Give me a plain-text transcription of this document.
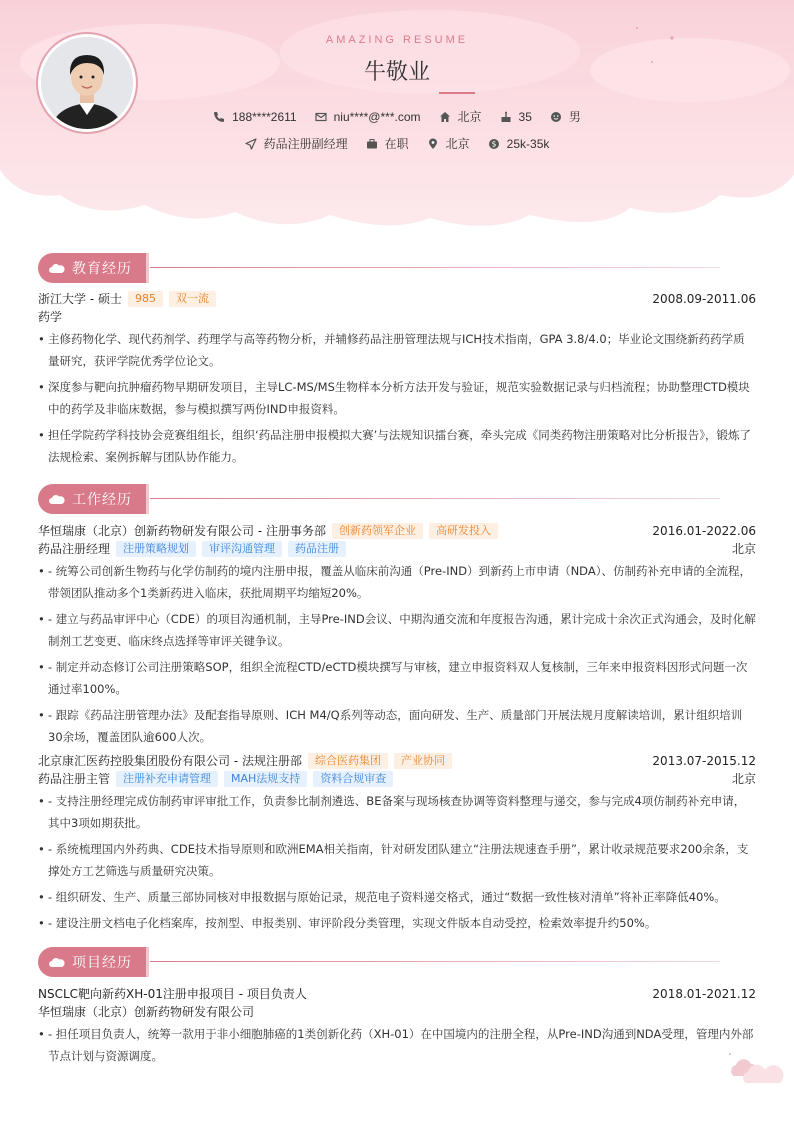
AMAZING RESUME
牛敬业
188****2611	niu****@***.com	北京	35	男
药品注册副经理	在职	北京	$ 25k-35k
教育经历
浙江大学 - 硕士	985	双一流	2008.09-2011.06
药学
• 主修药物化学、现代药剂学、药理学与高等药物分析，并辅修药品注册管理法规与ICH技术指南，GPA 3.8/4.0；毕业论文围绕新药药学质量研究，获评学院优秀学位论文。
• 深度参与靶向抗肿瘤药物早期研发项目，主导LC-MS/MS生物样本分析方法开发与验证，规范实验数据记录与归档流程；协助整理CTD模块中的药学及非临床数据，参与模拟撰写两份IND申报资料。
• 担任学院药学科技协会竞赛组组长，组织‘药品注册申报模拟大赛’与法规知识擂台赛，牵头完成《同类药物注册策略对比分析报告》，锻炼了法规检索、案例拆解与团队协作能力。
工作经历
华恒瑞康（北京）创新药物研发有限公司 - 注册事务部	创新药领军企业	高研发投入	2016.01-2022.06
药品注册经理	注册策略规划	审评沟通管理	药品注册	北京
• - 统筹公司创新生物药与化学仿制药的境内注册申报，覆盖从临床前沟通（Pre-IND）到新药上市申请（NDA）、仿制药补充申请的全流程，带领团队推动多个1类新药进入临床，获批周期平均缩短20%。
• - 建立与药品审评中心（CDE）的项目沟通机制，主导Pre-IND会议、中期沟通交流和年度报告沟通，累计完成十余次正式沟通会，及时化解制剂工艺变更、临床终点选择等审评关键争议。
• - 制定并动态修订公司注册策略SOP，组织全流程CTD/eCTD模块撰写与审核，建立申报资料双人复核制，三年来申报资料因形式问题一次通过率100%。
• - 跟踪《药品注册管理办法》及配套指导原则、ICH M4/Q系列等动态，面向研发、生产、质量部门开展法规月度解读培训，累计组织培训30余场，覆盖团队逾600人次。
北京康汇医药控股集团股份有限公司 - 法规注册部	综合医药集团	产业协同	2013.07-2015.12
药品注册主管	注册补充申请管理	MAH法规支持	资料合规审查	北京
• - 支持注册经理完成仿制药审评审批工作，负责参比制剂遴选、BE备案与现场核查协调等资料整理与递交，参与完成4项仿制药补充申请，其中3项如期获批。
• - 系统梳理国内外药典、CDE技术指导原则和欧洲EMA相关指南，针对研发团队建立“注册法规速查手册”，累计收录规范要求200余条，支撑处方工艺筛选与质量研究决策。
• - 组织研发、生产、质量三部协同核对申报数据与原始记录，规范电子资料递交格式，通过“数据一致性核对清单”将补正率降低40%。
• - 建设注册文档电子化档案库，按剂型、申报类别、审评阶段分类管理，实现文件版本自动受控，检索效率提升约50%。
项目经历
NSCLC靶向新药XH-01注册申报项目 - 项目负责人	2018.01-2021.12
华恒瑞康（北京）创新药物研发有限公司
• - 担任项目负责人，统筹一款用于非小细胞肺癌的1类创新化药（XH-01）在中国境内的注册全程，从Pre-IND沟通到NDA受理，管理内外部节点计划与资源调度。
